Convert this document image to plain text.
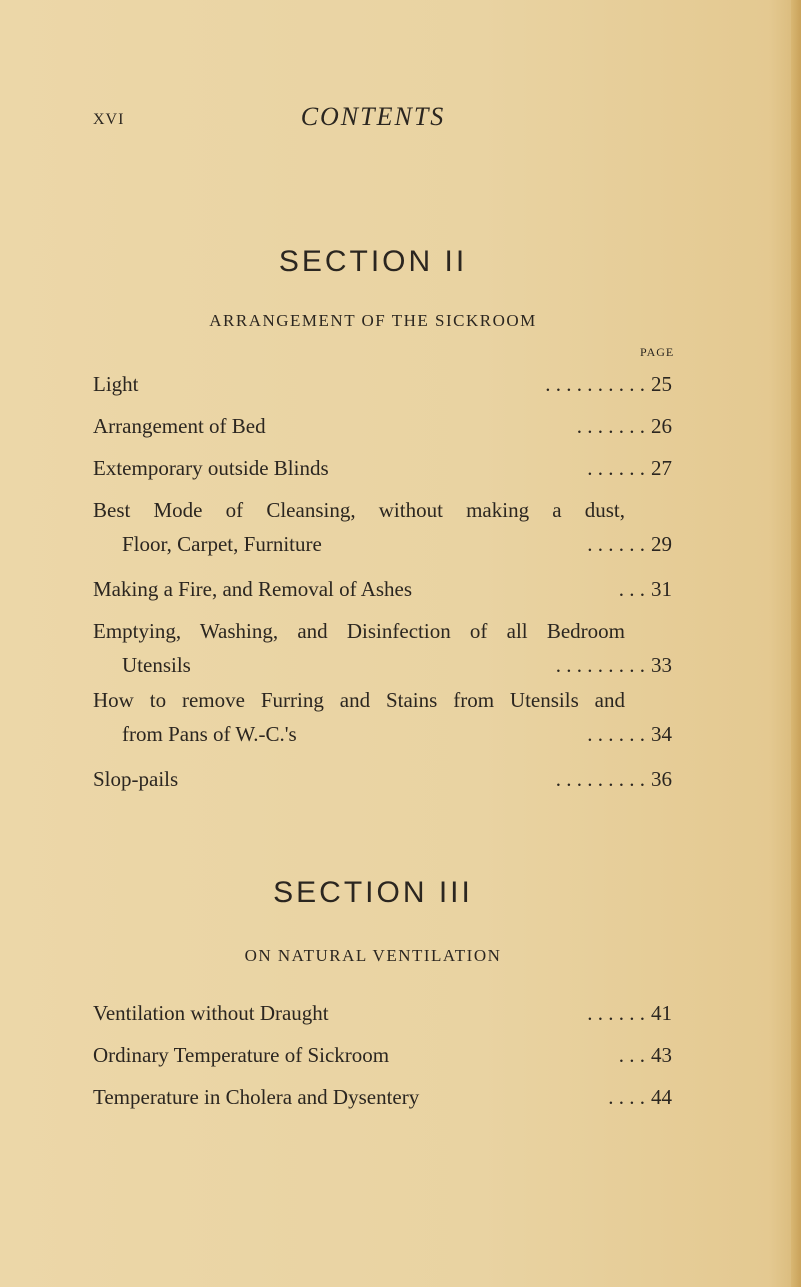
xvi	CONTENTS
SECTION II
ARRANGEMENT OF THE SICKROOM
PAGE
Light	. . . . . . . . . . 25
Arrangement of Bed	. . . . . . . 26
Extemporary outside Blinds	. . . . . . 27
Best Mode of Cleansing, without making a dust,
Floor, Carpet, Furniture	. . . . . . 29
Making a Fire, and Removal of Ashes	. . . 31
Emptying, Washing, and Disinfection of all Bedroom
Utensils	. . . . . . . . . 33
How to remove Furring and Stains from Utensils and
from Pans of W.-C.'s	. . . . . . 34
Slop-pails	. . . . . . . . . 36
SECTION III
ON NATURAL VENTILATION
Ventilation without Draught	. . . . . . 41
Ordinary Temperature of Sickroom	. . . 43
Temperature in Cholera and Dysentery	. . . . 44
